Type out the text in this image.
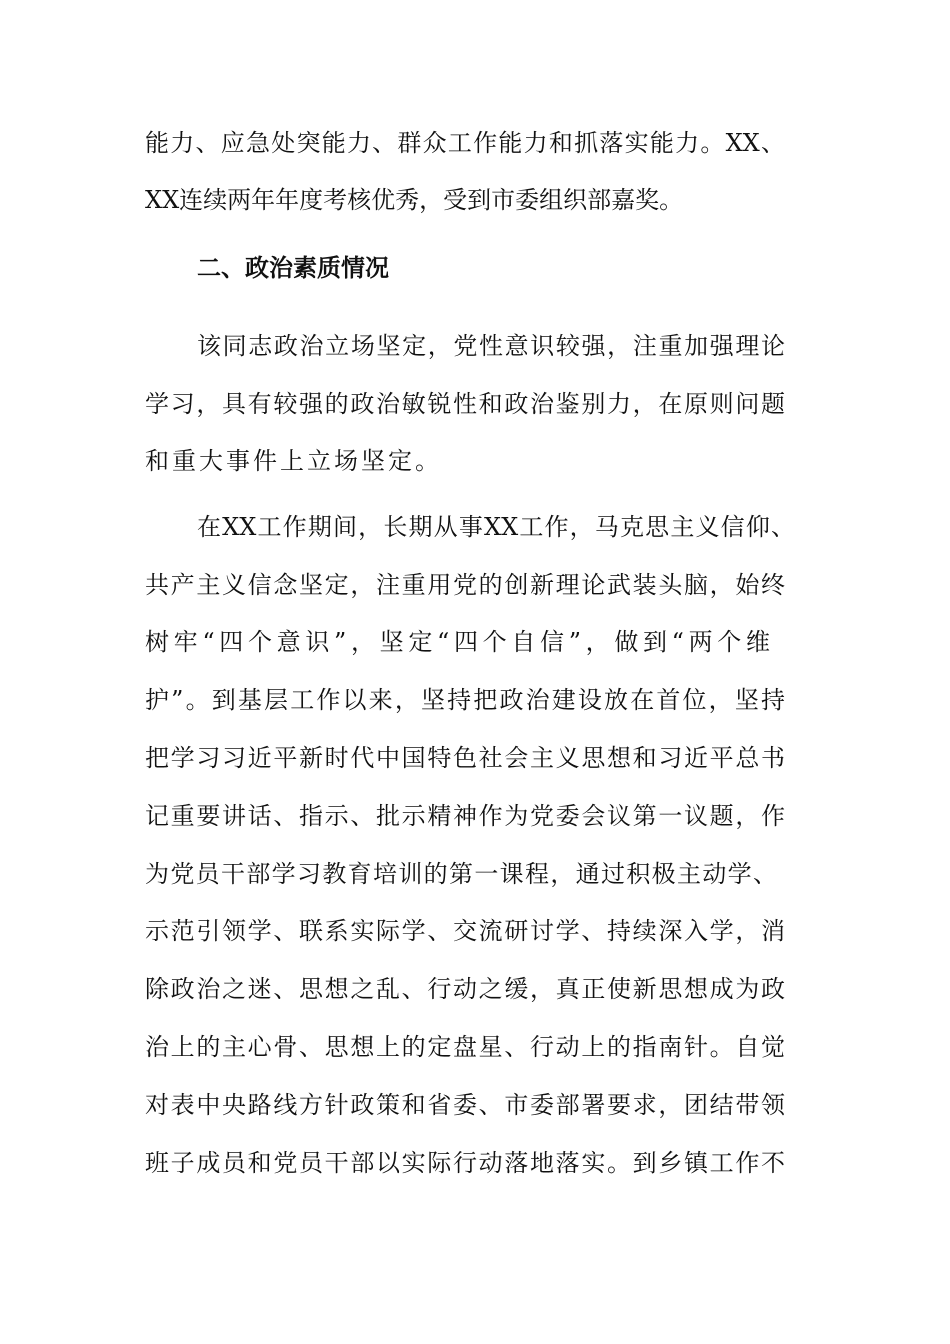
能力、应急处突能力、群众工作能力和抓落实能力。XX、
XX连续两年年度考核优秀，受到市委组织部嘉奖。
二、政治素质情况
该同志政治立场坚定，党性意识较强，注重加强理论
学习，具有较强的政治敏锐性和政治鉴别力，在原则问题
和重大事件上立场坚定。
在XX工作期间，长期从事XX工作，马克思主义信仰、
共产主义信念坚定，注重用党的创新理论武装头脑，始终
树牢“四个意识”，坚定“四个自信”，做到“两个维
护”。到基层工作以来，坚持把政治建设放在首位，坚持
把学习习近平新时代中国特色社会主义思想和习近平总书
记重要讲话、指示、批示精神作为党委会议第一议题，作
为党员干部学习教育培训的第一课程，通过积极主动学、
示范引领学、联系实际学、交流研讨学、持续深入学，消
除政治之迷、思想之乱、行动之缓，真正使新思想成为政
治上的主心骨、思想上的定盘星、行动上的指南针。自觉
对表中央路线方针政策和省委、市委部署要求，团结带领
班子成员和党员干部以实际行动落地落实。到乡镇工作不
